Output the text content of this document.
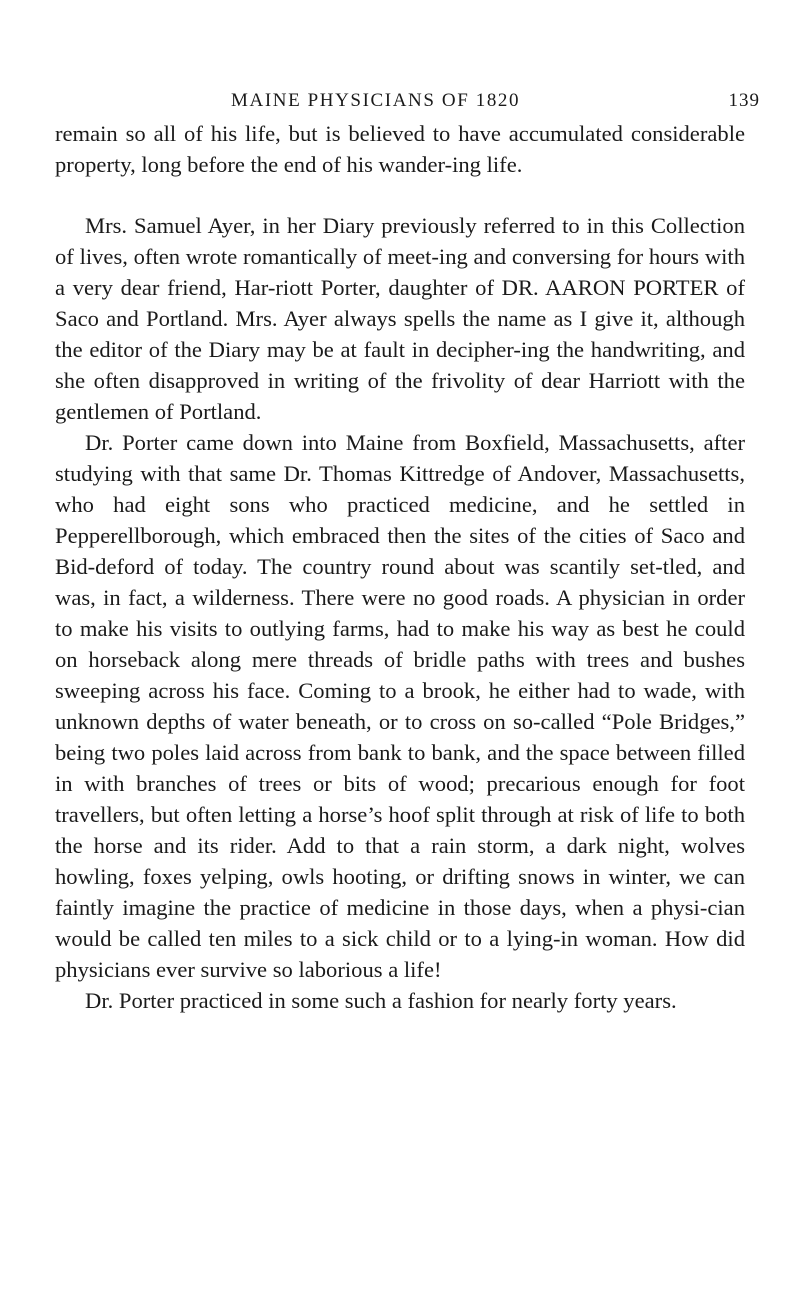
MAINE PHYSICIANS OF 1820	139

remain so all of his life, but is believed to have accumulated considerable property, long before the end of his wander-ing life.

Mrs. Samuel Ayer, in her Diary previously referred to in this Collection of lives, often wrote romantically of meet-ing and conversing for hours with a very dear friend, Har-riott Porter, daughter of DR. AARON PORTER of Saco and Portland. Mrs. Ayer always spells the name as I give it, although the editor of the Diary may be at fault in decipher-ing the handwriting, and she often disapproved in writing of the frivolity of dear Harriott with the gentlemen of Portland.

Dr. Porter came down into Maine from Boxfield, Massachusetts, after studying with that same Dr. Thomas Kittredge of Andover, Massachusetts, who had eight sons who practiced medicine, and he settled in Pepperellborough, which embraced then the sites of the cities of Saco and Bid-deford of today. The country round about was scantily set-tled, and was, in fact, a wilderness. There were no good roads. A physician in order to make his visits to outlying farms, had to make his way as best he could on horseback along mere threads of bridle paths with trees and bushes sweeping across his face. Coming to a brook, he either had to wade, with unknown depths of water beneath, or to cross on so-called “Pole Bridges,” being two poles laid across from bank to bank, and the space between filled in with branches of trees or bits of wood; precarious enough for foot travellers, but often letting a horse’s hoof split through at risk of life to both the horse and its rider. Add to that a rain storm, a dark night, wolves howling, foxes yelping, owls hooting, or drifting snows in winter, we can faintly imagine the practice of medicine in those days, when a physi-cian would be called ten miles to a sick child or to a lying-in woman. How did physicians ever survive so laborious a life!

Dr. Porter practiced in some such a fashion for nearly forty years.
